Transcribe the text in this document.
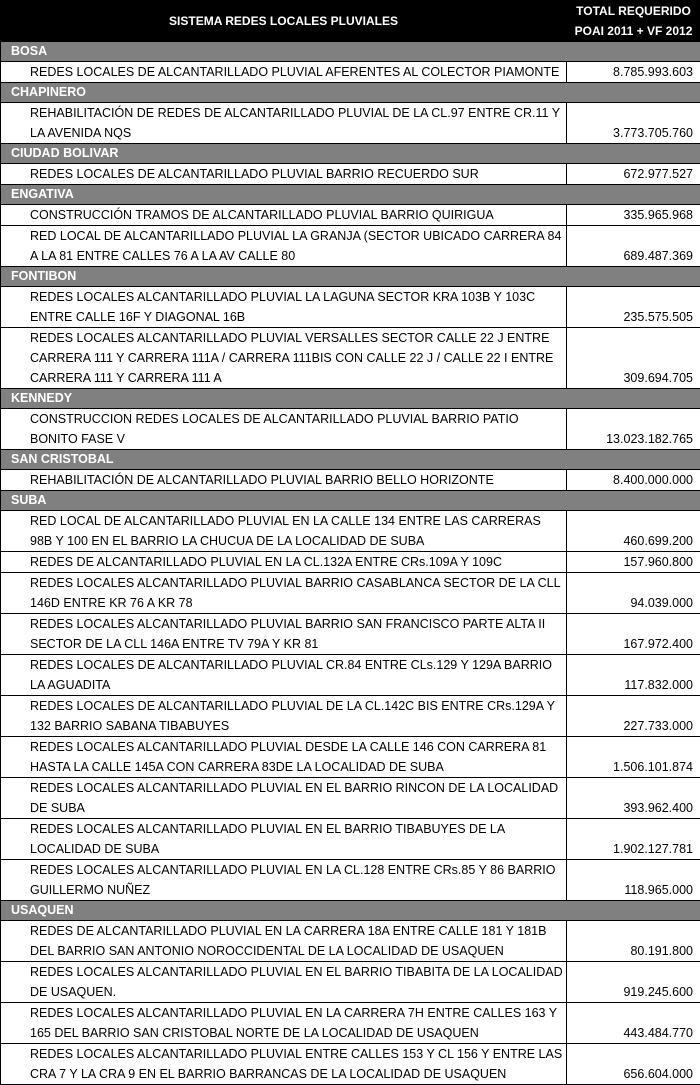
SISTEMA REDES LOCALES PLUVIALES	TOTAL REQUERIDO
POAI 2011 + VF 2012
BOSA	
REDES LOCALES DE ALCANTARILLADO PLUVIAL AFERENTES AL COLECTOR PIAMONTE	8.785.993.603
CHAPINERO	
REHABILITACIÓN DE REDES DE ALCANTARILLADO PLUVIAL DE LA CL.97 ENTRE CR.11 Y LA AVENIDA NQS	3.773.705.760
CIUDAD BOLIVAR	
REDES LOCALES DE ALCANTARILLADO PLUVIAL BARRIO RECUERDO SUR	672.977.527
ENGATIVA	
CONSTRUCCIÓN TRAMOS DE ALCANTARILLADO PLUVIAL BARRIO QUIRIGUA	335.965.968
RED LOCAL DE ALCANTARILLADO PLUVIAL LA GRANJA (SECTOR UBICADO CARRERA 84 A LA 81 ENTRE CALLES 76 A LA AV CALLE 80	689.487.369
FONTIBON	
REDES LOCALES ALCANTARILLADO PLUVIAL LA LAGUNA SECTOR KRA 103B Y 103C ENTRE CALLE 16F Y DIAGONAL 16B	235.575.505
REDES LOCALES ALCANTARILLADO PLUVIAL VERSALLES SECTOR CALLE 22 J ENTRE CARRERA 111 Y CARRERA 111A / CARRERA 111BIS CON CALLE 22 J / CALLE 22 I ENTRE CARRERA 111 Y CARRERA 111 A	309.694.705
KENNEDY	
CONSTRUCCION REDES LOCALES DE ALCANTARILLADO PLUVIAL BARRIO PATIO BONITO FASE V	13.023.182.765
SAN CRISTOBAL	
REHABILITACIÓN DE ALCANTARILLADO PLUVIAL BARRIO BELLO HORIZONTE	8.400.000.000
SUBA	
RED LOCAL DE ALCANTARILLADO PLUVIAL EN LA CALLE 134 ENTRE LAS CARRERAS 98B Y 100 EN EL BARRIO LA CHUCUA DE LA LOCALIDAD DE SUBA	460.699.200
REDES DE ALCANTARILLADO PLUVIAL EN LA CL.132A ENTRE CRs.109A Y 109C	157.960.800
REDES LOCALES ALCANTARILLADO PLUVIAL BARRIO CASABLANCA SECTOR DE LA CLL 146D ENTRE KR 76 A KR 78	94.039.000
REDES LOCALES ALCANTARILLADO PLUVIAL BARRIO SAN FRANCISCO PARTE ALTA II SECTOR DE LA CLL 146A ENTRE TV 79A Y KR 81	167.972.400
REDES LOCALES DE ALCANTARILLADO PLUVIAL CR.84 ENTRE CLs.129 Y 129A BARRIO LA AGUADITA	117.832.000
REDES LOCALES DE ALCANTARILLADO PLUVIAL DE LA CL.142C BIS ENTRE CRs.129A Y 132 BARRIO SABANA TIBABUYES	227.733.000
REDES LOCALES ALCANTARILLADO PLUVIAL DESDE LA CALLE 146 CON CARRERA 81 HASTA LA CALLE 145A CON CARRERA 83DE LA LOCALIDAD DE SUBA	1.506.101.874
REDES LOCALES ALCANTARILLADO PLUVIAL EN EL BARRIO RINCON DE LA LOCALIDAD DE SUBA	393.962.400
REDES LOCALES ALCANTARILLADO PLUVIAL EN EL BARRIO TIBABUYES DE LA LOCALIDAD DE SUBA	1.902.127.781
REDES LOCALES ALCANTARILLADO PLUVIAL EN LA CL.128 ENTRE CRs.85 Y 86 BARRIO GUILLERMO NUÑEZ	118.965.000
USAQUEN	
REDES DE ALCANTARILLADO PLUVIAL EN LA CARRERA 18A ENTRE CALLE 181 Y 181B DEL BARRIO SAN ANTONIO NOROCCIDENTAL DE LA LOCALIDAD DE USAQUEN	80.191.800
REDES LOCALES ALCANTARILLADO PLUVIAL EN EL BARRIO TIBABITA DE LA LOCALIDAD DE USAQUEN.	919.245.600
REDES LOCALES ALCANTARILLADO PLUVIAL EN LA CARRERA 7H ENTRE CALLES 163 Y 165 DEL BARRIO SAN CRISTOBAL NORTE DE LA LOCALIDAD DE USAQUEN	443.484.770
REDES LOCALES ALCANTARILLADO PLUVIAL ENTRE CALLES 153 Y CL 156 Y ENTRE LAS CRA 7 Y LA CRA 9 EN EL BARRIO BARRANCAS DE LA LOCALIDAD DE USAQUEN	656.604.000
